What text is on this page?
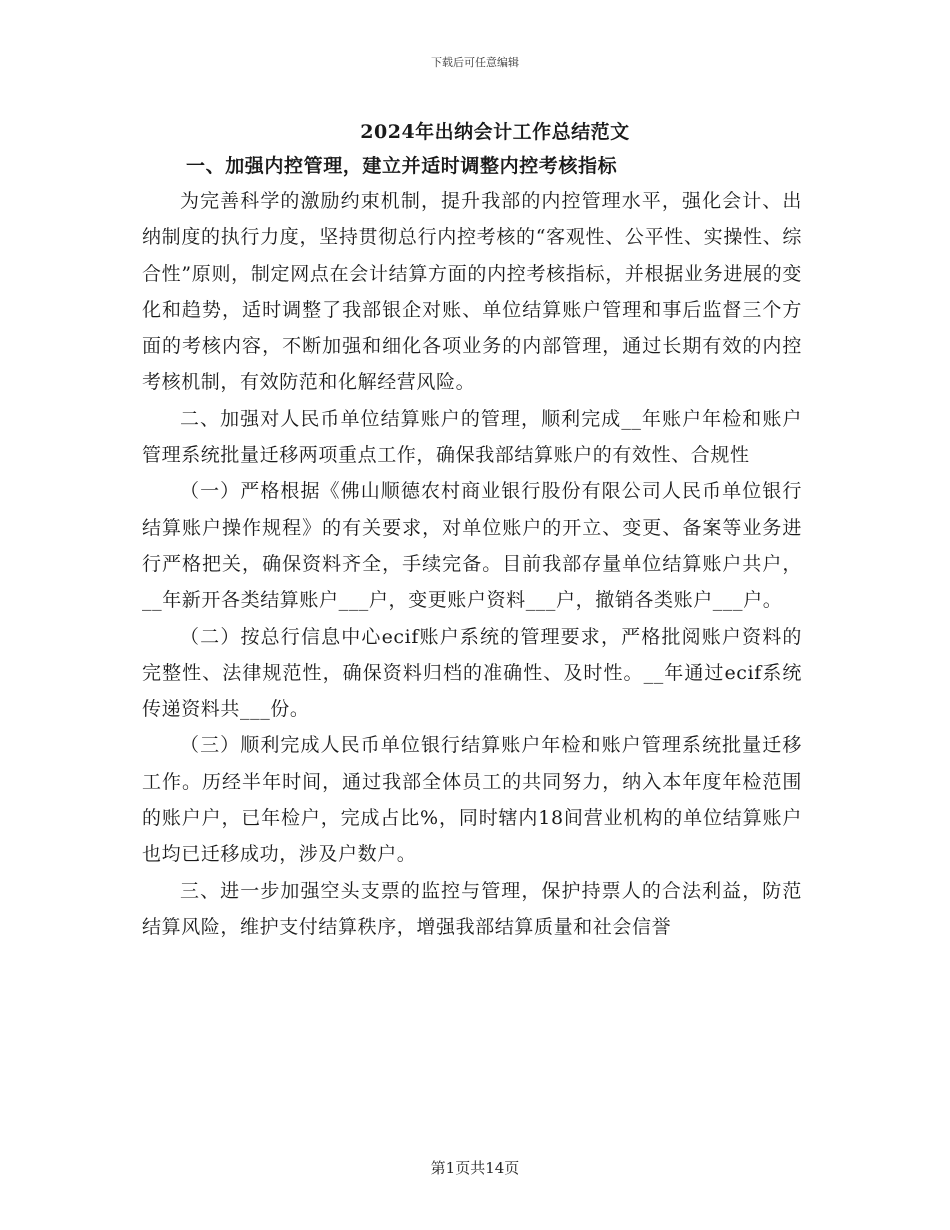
下载后可任意编辑
2024年出纳会计工作总结范文
一、加强内控管理，建立并适时调整内控考核指标

为完善科学的激励约束机制，提升我部的内控管理水平，强化会计、出纳制度的执行力度，坚持贯彻总行内控考核的“客观性、公平性、实操性、综合性”原则，制定网点在会计结算方面的内控考核指标，并根据业务进展的变化和趋势，适时调整了我部银企对账、单位结算账户管理和事后监督三个方面的考核内容，不断加强和细化各项业务的内部管理，通过长期有效的内控考核机制，有效防范和化解经营风险。

二、加强对人民币单位结算账户的管理，顺利完成__年账户年检和账户管理系统批量迁移两项重点工作，确保我部结算账户的有效性、合规性

（一）严格根据《佛山顺德农村商业银行股份有限公司人民币单位银行结算账户操作规程》的有关要求，对单位账户的开立、变更、备案等业务进行严格把关，确保资料齐全，手续完备。目前我部存量单位结算账户共户，__年新开各类结算账户___户，变更账户资料___户，撤销各类账户___户。

（二）按总行信息中心ecif账户系统的管理要求，严格批阅账户资料的完整性、法律规范性，确保资料归档的准确性、及时性。__年通过ecif系统传递资料共___份。

（三）顺利完成人民币单位银行结算账户年检和账户管理系统批量迁移工作。历经半年时间，通过我部全体员工的共同努力，纳入本年度年检范围的账户户，已年检户，完成占比%，同时辖内18间营业机构的单位结算账户也均已迁移成功，涉及户数户。

三、进一步加强空头支票的监控与管理，保护持票人的合法利益，防范结算风险，维护支付结算秩序，增强我部结算质量和社会信誉

第1页共14页
